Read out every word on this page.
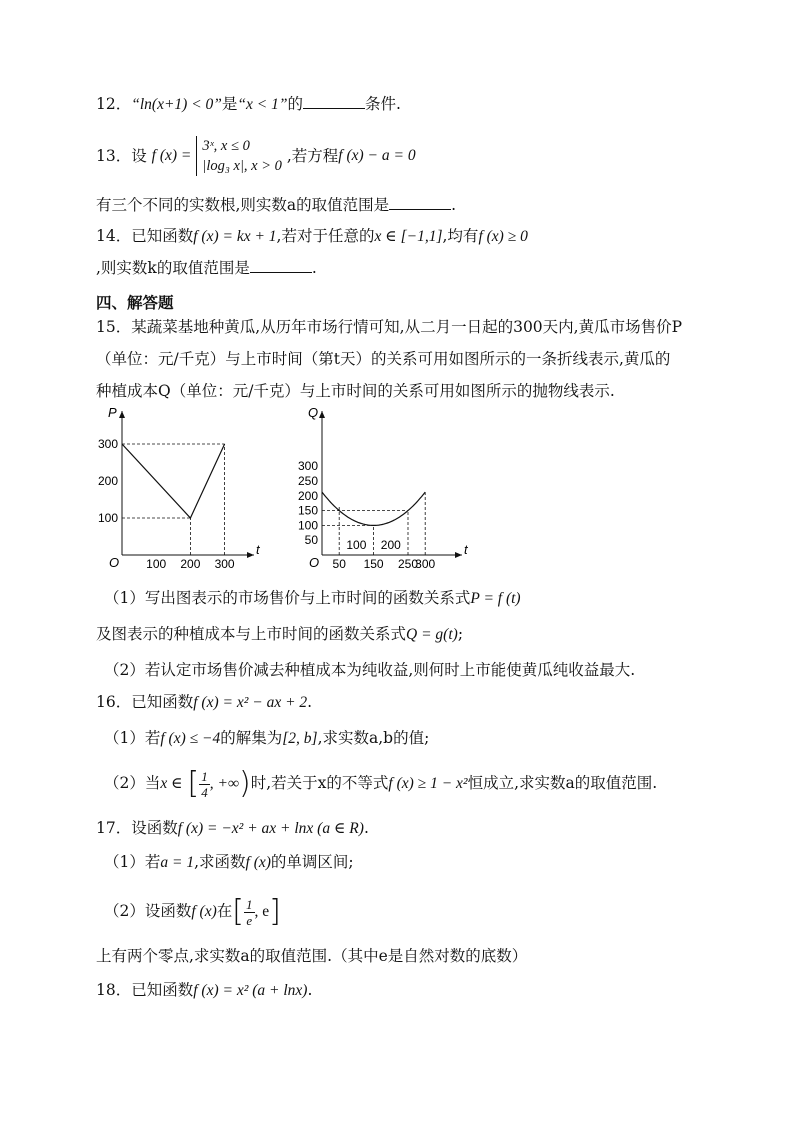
12．“ln(x+1) < 0”是“x < 1”的	条件.
13．设 f (x) =
3ˣ, x ≤ 0
|log₃ x|, x > 0
,若方程f (x) − a = 0
有三个不同的实数根,则实数a的取值范围是	.
14．已知函数f (x) = kx + 1,若对于任意的x ∈ [−1,1],均有f (x) ≥ 0
,则实数k的取值范围是	.
四、解答题
15．某蔬菜基地种黄瓜,从历年市场行情可知,从二月一日起的300天内,黄瓜市场售价P
（单位：元/千克）与上市时间（第t天）的关系可用如图所示的一条折线表示,黄瓜的
种植成本Q（单位：元/千克）与上市时间的关系可用如图所示的抛物线表示.
t
P
O
300
200
100
100 200 300
t
Q
O
300
250
200
150
100
50
50 150 250
300
100 200
（1）写出图表示的市场售价与上市时间的函数关系式P = f (t)
及图表示的种植成本与上市时间的函数关系式Q = g(t);
（2）若认定市场售价减去种植成本为纯收益,则何时上市能使黄瓜纯收益最大.
16．已知函数f (x) = x² − ax + 2.
（1）若f (x) ≤ −4的解集为[2, b],求实数a,b的值;
（2）当x ∈ [ $\frac{1}{4}$ , +∞)时,若关于x的不等式f (x) ≥ 1 − x²恒成立,求实数a的取值范围.
17．设函数f (x) = −x² + ax + lnx (a ∈ R).
（1）若a = 1,求函数f (x)的单调区间;
（2）设函数f (x)在[ $\frac{1}{e}$ , e]
上有两个零点,求实数a的取值范围.（其中e是自然对数的底数）
18．已知函数f (x) = x² (a + lnx).
